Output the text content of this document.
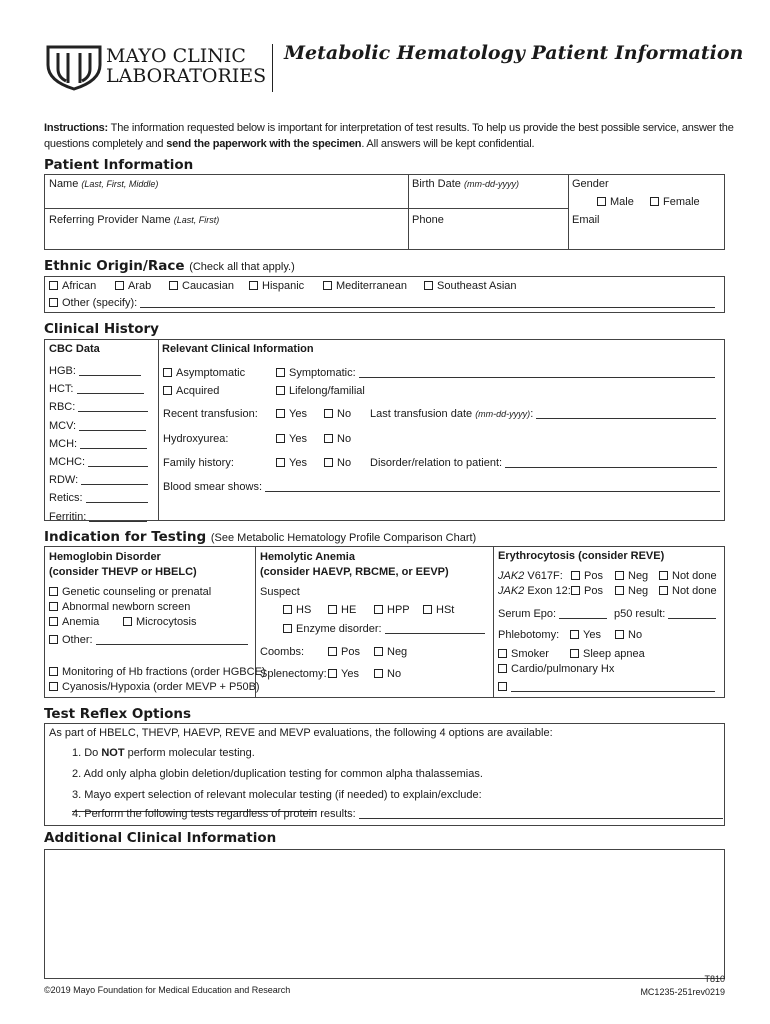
MAYO CLINIC
LABORATORIES
Metabolic Hematology Patient Information
Instructions: The information requested below is important for interpretation of test results. To help us provide the best possible service, answer the questions completely and send the paperwork with the specimen. All answers will be kept confidential.
Patient Information
Name (Last, First, Middle)	Birth Date (mm-dd-yyyy)	Gender
Male	Female
Referring Provider Name (Last, First)	Phone	Email
Ethnic Origin/Race (Check all that apply.)
African	Arab	Caucasian	Hispanic	Mediterranean	Southeast Asian
Other (specify):
Clinical History
CBC Data	Relevant Clinical Information
HGB:
HCT:
RBC:
MCV:
MCH:
MCHC:
RDW:
Retics:
Ferritin:
Asymptomatic	Symptomatic:
Acquired	Lifelong/familial
Recent transfusion:	Yes	No Last transfusion date (mm-dd-yyyy):
Hydroxyurea:	Yes	No
Family history:	Yes	No Disorder/relation to patient:
Blood smear shows:
Indication for Testing (See Metabolic Hematology Profile Comparison Chart)
Hemoglobin Disorder
(consider THEVP or HBELC)
Genetic counseling or prenatal
Abnormal newborn screen
Anemia	Microcytosis
Other:
Monitoring of Hb fractions (order HGBCE)
Cyanosis/Hypoxia (order MEVP + P50B)
Hemolytic Anemia
(consider HAEVP, RBCME, or EEVP)
Suspect
HS	HE	HPP	HSt
Enzyme disorder:
Coombs:	Pos	Neg
Splenectomy:	Yes	No
Erythrocytosis (consider REVE)
JAK2 V617F:	Pos	Neg	Not done
JAK2 Exon 12:	Pos	Neg	Not done
Serum Epo:	p50 result:
Phlebotomy:	Yes	No
Smoker	Sleep apnea
Cardio/pulmonary Hx
Test Reflex Options
As part of HBELC, THEVP, HAEVP, REVE and MEVP evaluations, the following 4 options are available:
1. Do NOT perform molecular testing.
2. Add only alpha globin deletion/duplication testing for common alpha thalassemias.
3. Mayo expert selection of relevant molecular testing (if needed) to explain/exclude:
4. Perform the following tests regardless of protein results:
Additional Clinical Information
©2019 Mayo Foundation for Medical Education and Research
T810
MC1235-251rev0219
